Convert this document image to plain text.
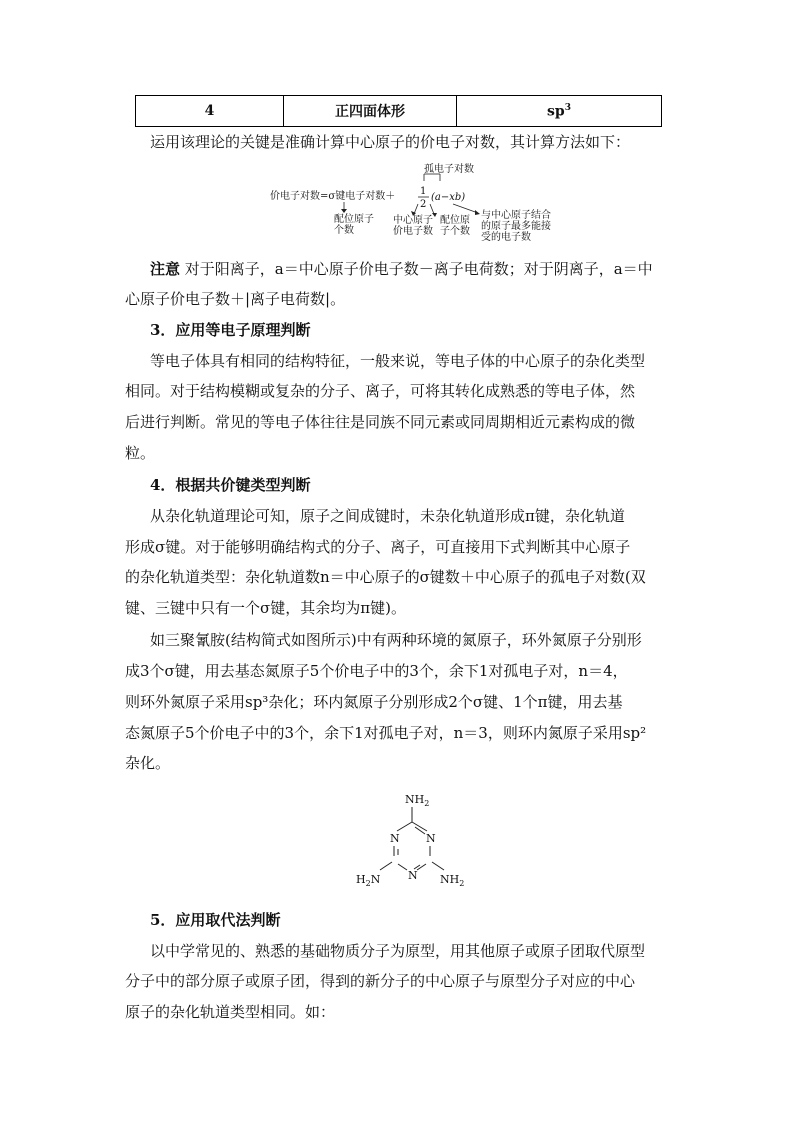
4	正四面体形	$sp^3$
运用该理论的关键是准确计算中心原子的价电子对数，其计算方法如下：
孤电子对数
价电子对数=σ键电子对数＋ 1
2
(a−xb)
配位原子
个数
中心原子
价电子数
配位原
子个数
与中心原子结合
的原子最多能接
受的电子数
注意 对于阳离子，a＝中心原子价电子数－离子电荷数；对于阴离子，a＝中
心原子价电子数＋|离子电荷数|。
3．应用等电子原理判断
等电子体具有相同的结构特征，一般来说，等电子体的中心原子的杂化类型
相同。对于结构模糊或复杂的分子、离子，可将其转化成熟悉的等电子体，然
后进行判断。常见的等电子体往往是同族不同元素或同周期相近元素构成的微
粒。
4．根据共价键类型判断
从杂化轨道理论可知，原子之间成键时，未杂化轨道形成π键，杂化轨道
形成σ键。对于能够明确结构式的分子、离子，可直接用下式判断其中心原子
的杂化轨道类型：杂化轨道数n＝中心原子的σ键数＋中心原子的孤电子对数(双
键、三键中只有一个σ键，其余均为π键)。
如三聚氰胺(结构简式如图所示)中有两种环境的氮原子，环外氮原子分别形
成3个σ键，用去基态氮原子5个价电子中的3个，余下1对孤电子对，n＝4，
则环外氮原子采用sp³杂化；环内氮原子分别形成2个σ键、1个π键，用去基
态氮原子5个价电子中的3个，余下1对孤电子对，n＝3，则环内氮原子采用sp²
杂化。
$NH_2$
N N
N
$H_2N$	$NH_2$
5．应用取代法判断
以中学常见的、熟悉的基础物质分子为原型，用其他原子或原子团取代原型
分子中的部分原子或原子团，得到的新分子的中心原子与原型分子对应的中心
原子的杂化轨道类型相同。如：
